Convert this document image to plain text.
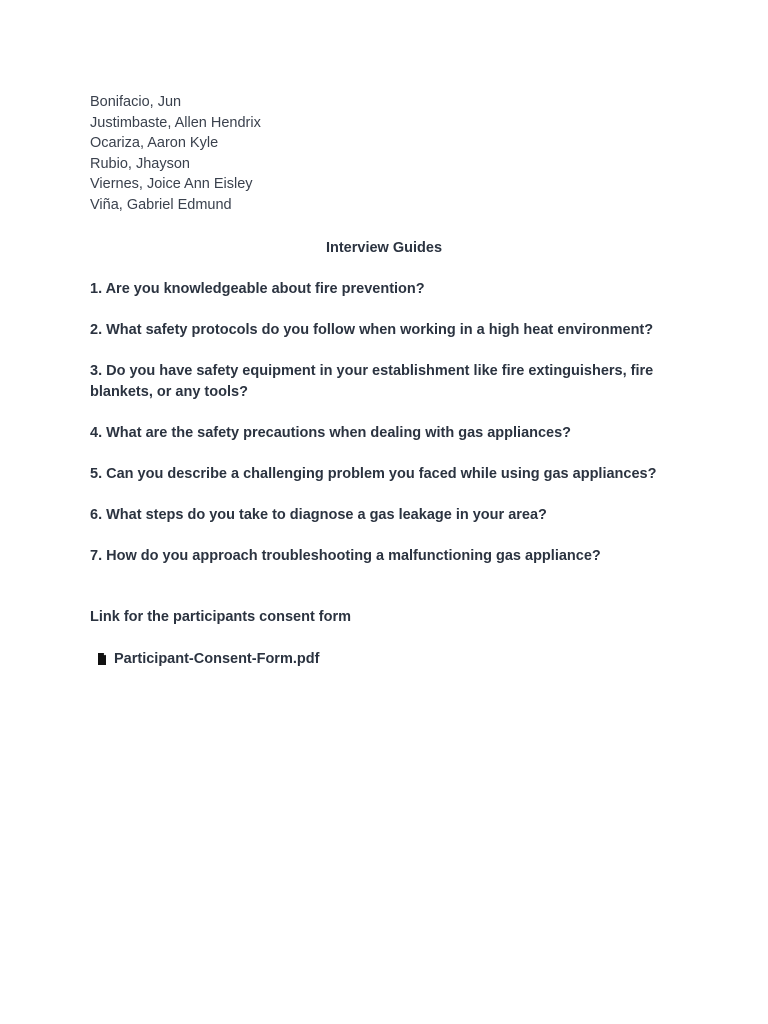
Bonifacio, Jun
Justimbaste, Allen Hendrix
Ocariza, Aaron Kyle
Rubio, Jhayson
Viernes, Joice Ann Eisley
Viña, Gabriel Edmund
Interview Guides

1. Are you knowledgeable about fire prevention?

2. What safety protocols do you follow when working in a high heat environment?

3. Do you have safety equipment in your establishment like fire extinguishers, fire blankets, or any tools?

4. What are the safety precautions when dealing with gas appliances?

5. Can you describe a challenging problem you faced while using gas appliances?

6. What steps do you take to diagnose a gas leakage in your area?

7. How do you approach troubleshooting a malfunctioning gas appliance?

Link for the participants consent form
Participant-Consent-Form.pdf
